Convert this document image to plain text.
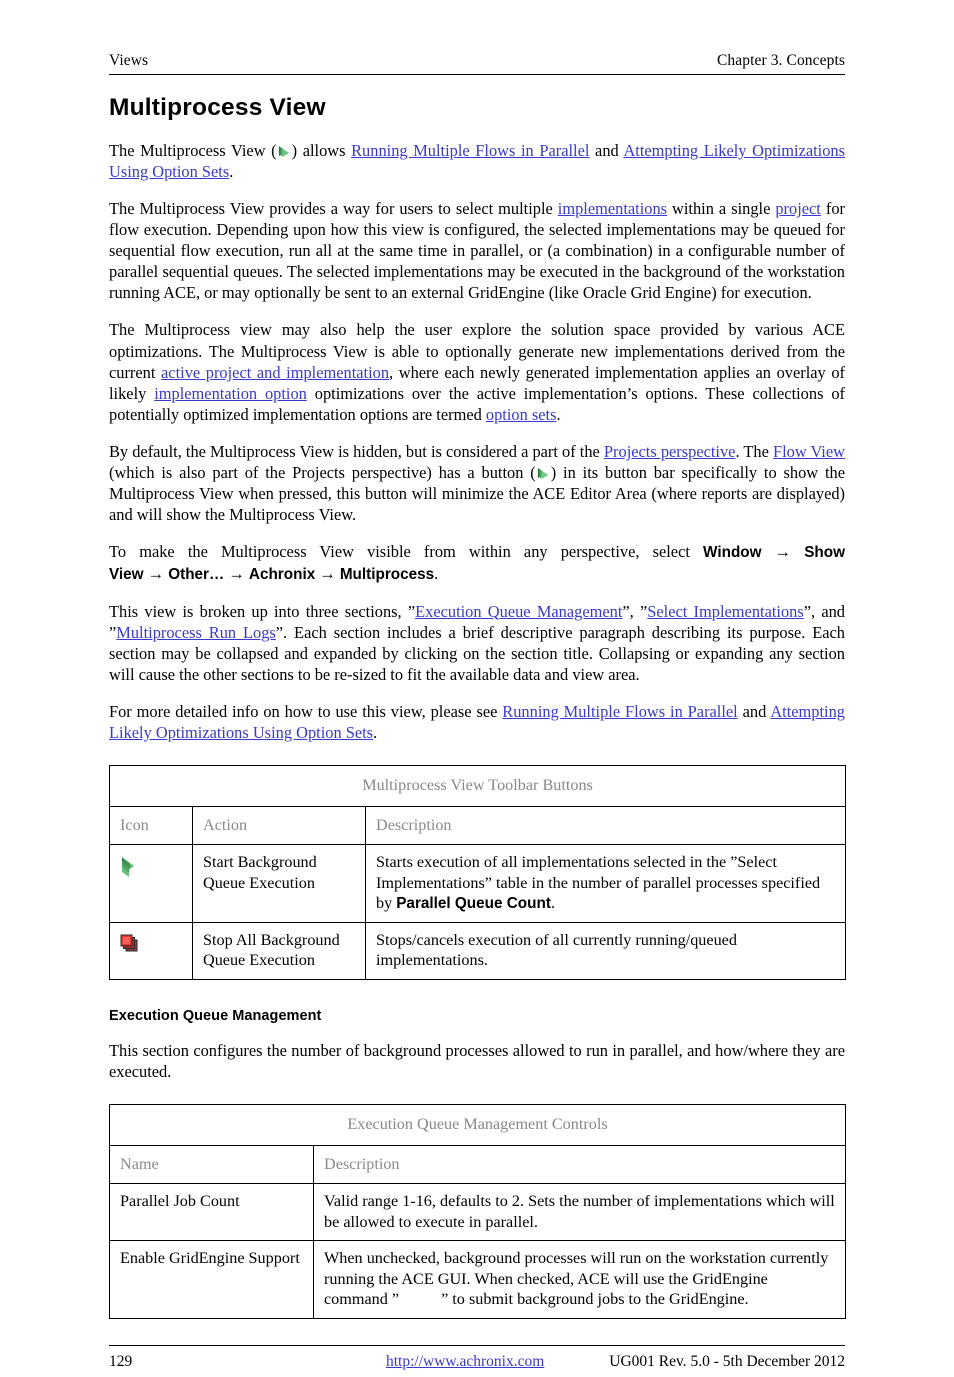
Views	Chapter 3. Concepts
Multiprocess View

The Multiprocess View ( ) allows Running Multiple Flows in Parallel and Attempting Likely Optimizations Using Option Sets.

The Multiprocess View provides a way for users to select multiple implementations within a single project for flow execution. Depending upon how this view is configured, the selected implementations may be queued for sequential flow execution, run all at the same time in parallel, or (a combination) in a configurable number of parallel sequential queues. The selected implementations may be executed in the background of the workstation running ACE, or may optionally be sent to an external GridEngine (like Oracle Grid Engine) for execution.

The Multiprocess view may also help the user explore the solution space provided by various ACE optimizations. The Multiprocess View is able to optionally generate new implementations derived from the current active project and implementation, where each newly generated implementation applies an overlay of likely implementation option optimizations over the active implementation’s options. These collections of potentially optimized implementation options are termed option sets.

By default, the Multiprocess View is hidden, but is considered a part of the Projects perspective. The Flow View (which is also part of the Projects perspective) has a button ( ) in its button bar specifically to show the Multiprocess View when pressed, this button will minimize the ACE Editor Area (where reports are displayed) and will show the Multiprocess View.

To make the Multiprocess View visible from within any perspective, select Window → Show View → Other… → Achronix → Multiprocess.

This view is broken up into three sections, ”Execution Queue Management”, ”Select Implementations”, and ”Multiprocess Run Logs”. Each section includes a brief descriptive paragraph describing its purpose. Each section may be collapsed and expanded by clicking on the section title. Collapsing or expanding any section will cause the other sections to be re-sized to fit the available data and view area.

For more detailed info on how to use this view, please see Running Multiple Flows in Parallel and Attempting Likely Optimizations Using Option Sets.

Multiprocess View Toolbar Buttons		
Icon	Action	Description
	Start Background Queue Execution	Starts execution of all implementations selected in the ”Select Implementations” table in the number of parallel processes specified by Parallel Queue Count.
	Stop All Background Queue Execution	Stops/cancels execution of all currently running/queued implementations.
Execution Queue Management

This section configures the number of background processes allowed to run in parallel, and how/where they are executed.

Execution Queue Management Controls	
Name	Description
Parallel Job Count	Valid range 1-16, defaults to 2. Sets the number of implementations which will be allowed to execute in parallel.
Enable GridEngine Support	When unchecked, background processes will run on the workstation currently running the ACE GUI. When checked, ACE will use the GridEngine command ” ” to submit background jobs to the GridEngine.
129	http://www.achronix.com	UG001 Rev. 5.0 - 5th December 2012
